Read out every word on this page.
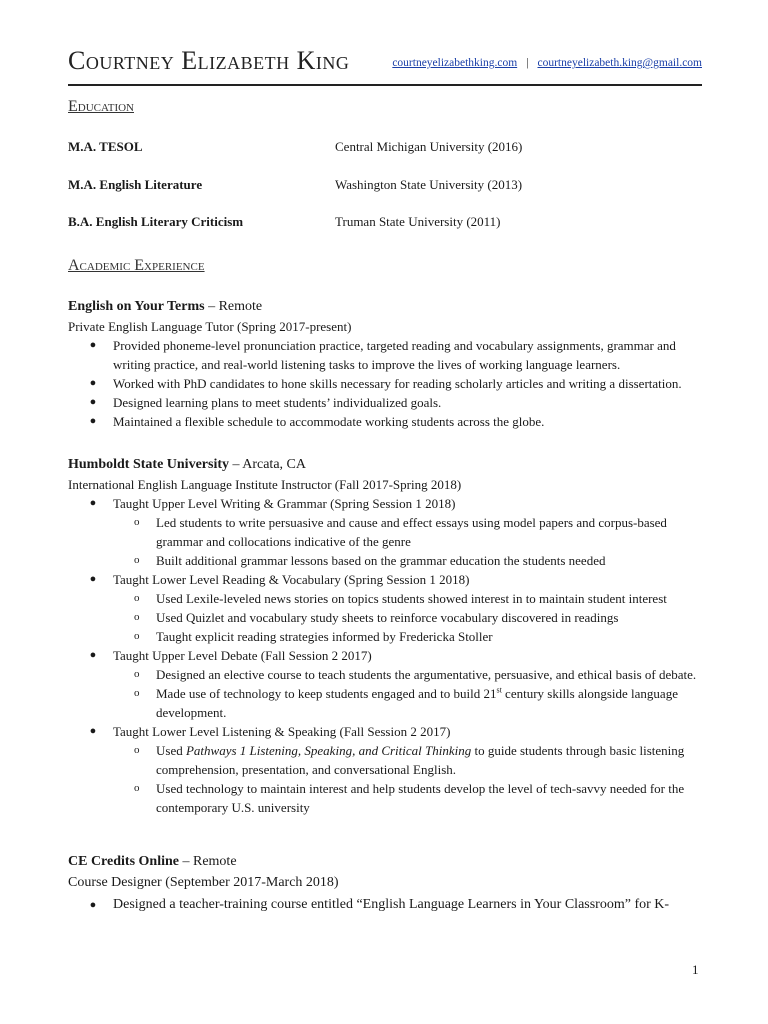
Courtney Elizabeth King	courtneyelizabethking.com | courtneyelizabeth.king@gmail.com
Education
M.A. TESOL	Central Michigan University (2016)
M.A. English Literature	Washington State University (2013)
B.A. English Literary Criticism	Truman State University (2011)
Academic Experience
English on Your Terms – Remote
Private English Language Tutor (Spring 2017-present)
● Provided phoneme-level pronunciation practice, targeted reading and vocabulary assignments, grammar and writing practice, and real-world listening tasks to improve the lives of working language learners.
● Worked with PhD candidates to hone skills necessary for reading scholarly articles and writing a dissertation.
● Designed learning plans to meet students’ individualized goals.
● Maintained a flexible schedule to accommodate working students across the globe.
Humboldt State University – Arcata, CA
International English Language Institute Instructor (Fall 2017-Spring 2018)
● Taught Upper Level Writing & Grammar (Spring Session 1 2018)
o Led students to write persuasive and cause and effect essays using model papers and corpus-based grammar and collocations indicative of the genre
o Built additional grammar lessons based on the grammar education the students needed
● Taught Lower Level Reading & Vocabulary (Spring Session 1 2018)
o Used Lexile-leveled news stories on topics students showed interest in to maintain student interest
o Used Quizlet and vocabulary study sheets to reinforce vocabulary discovered in readings
o Taught explicit reading strategies informed by Fredericka Stoller
● Taught Upper Level Debate (Fall Session 2 2017)
o Designed an elective course to teach students the argumentative, persuasive, and ethical basis of debate.
o Made use of technology to keep students engaged and to build 21st century skills alongside language development.
● Taught Lower Level Listening & Speaking (Fall Session 2 2017)
o Used Pathways 1 Listening, Speaking, and Critical Thinking to guide students through basic listening comprehension, presentation, and conversational English.
o Used technology to maintain interest and help students develop the level of tech-savvy needed for the contemporary U.S. university
CE Credits Online – Remote
Course Designer (September 2017-March 2018)
● Designed a teacher-training course entitled “English Language Learners in Your Classroom” for K-
1
